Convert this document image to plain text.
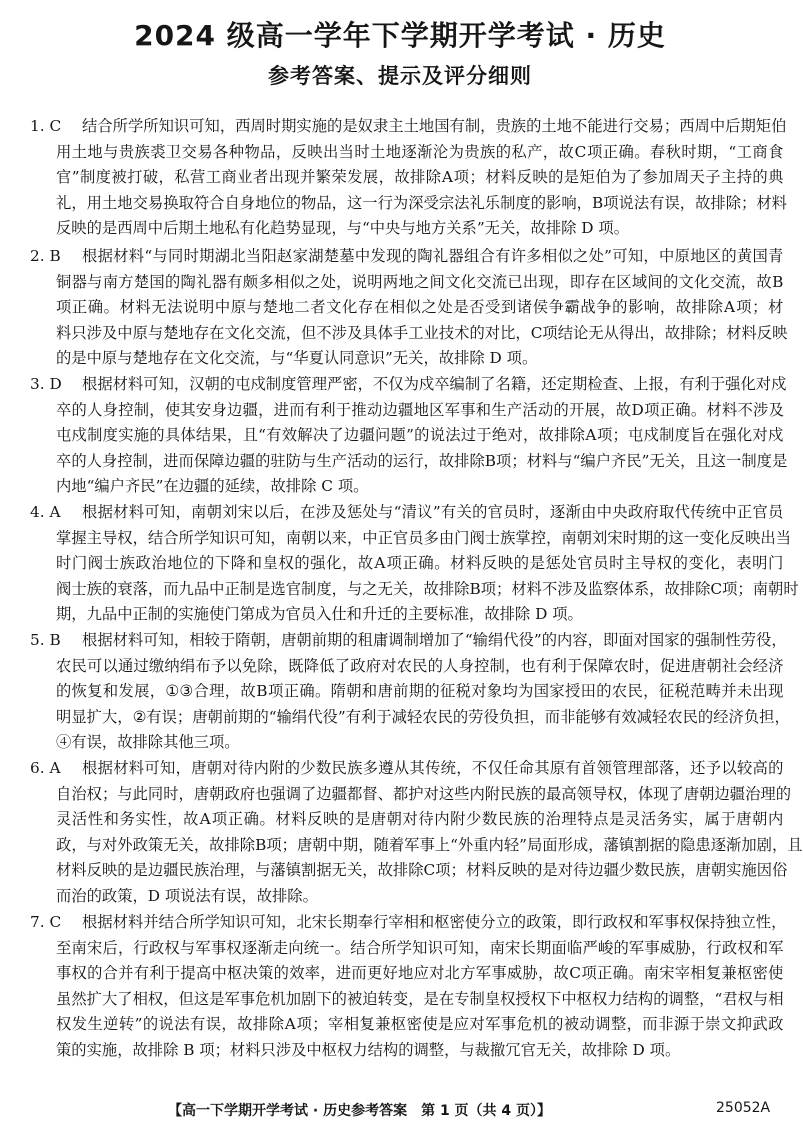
2024 级高一学年下学期开学考试 · 历史
参考答案、提示及评分细则
1. C	结 合 所 学 所 知 识 可 知 ， 西 周 时 期 实 施 的 是 奴 隶 主 土 地 国 有 制 ， 贵 族 的 土 地 不 能 进 行 交 易 ； 西 周 中 后 期 矩 伯
用 土 地 与 贵 族 裘 卫 交 易 各 种 物 品 ， 反 映 出 当 时 土 地 逐 渐 沦 为 贵 族 的 私 产 ， 故 C 项 正 确 。 春 秋 时 期 ， “ 工 商 食
官 ” 制 度 被 打 破 ， 私 营 工 商 业 者 出 现 并 繁 荣 发 展 ， 故 排 除 A 项 ； 材 料 反 映 的 是 矩 伯 为 了 参 加 周 天 子 主 持 的 典
礼 ， 用 土 地 交 易 换 取 符 合 自 身 地 位 的 物 品 ， 这 一 行 为 深 受 宗 法 礼 乐 制 度 的 影 响 ， B 项 说 法 有 误 ， 故 排 除 ； 材 料
反映的是西周中后期土地私有化趋势显现，与“中央与地方关系”无关，故排除 D 项。
2. B	根 据 材 料 “ 与 同 时 期 湖 北 当 阳 赵 家 湖 楚 墓 中 发 现 的 陶 礼 器 组 合 有 许 多 相 似 之 处 ” 可 知 ， 中 原 地 区 的 黄 国 青
铜 器 与 南 方 楚 国 的 陶 礼 器 有 颇 多 相 似 之 处 ， 说 明 两 地 之 间 文 化 交 流 已 出 现 ， 即 存 在 区 域 间 的 文 化 交 流 ， 故 B
项 正 确 。 材 料 无 法 说 明 中 原 与 楚 地 二 者 文 化 存 在 相 似 之 处 是 否 受 到 诸 侯 争 霸 战 争 的 影 响 ， 故 排 除 A 项 ； 材
料 只 涉 及 中 原 与 楚 地 存 在 文 化 交 流 ， 但 不 涉 及 具 体 手 工 业 技 术 的 对 比 ， C 项 结 论 无 从 得 出 ， 故 排 除 ； 材 料 反 映
的是中原与楚地存在文化交流，与“华夏认同意识”无关，故排除 D 项。
3. D	根 据 材 料 可 知 ， 汉 朝 的 屯 戍 制 度 管 理 严 密 ， 不 仅 为 戍 卒 编 制 了 名 籍 ， 还 定 期 检 查 、 上 报 ， 有 利 于 强 化 对 戍
卒 的 人 身 控 制 ， 使 其 安 身 边 疆 ， 进 而 有 利 于 推 动 边 疆 地 区 军 事 和 生 产 活 动 的 开 展 ， 故 D 项 正 确 。 材 料 不 涉 及
屯 戍 制 度 实 施 的 具 体 结 果 ， 且 “ 有 效 解 决 了 边 疆 问 题 ” 的 说 法 过 于 绝 对 ， 故 排 除 A 项 ； 屯 戍 制 度 旨 在 强 化 对 戍
卒 的 人 身 控 制 ， 进 而 保 障 边 疆 的 驻 防 与 生 产 活 动 的 运 行 ， 故 排 除 B 项 ； 材 料 与 “ 编 户 齐 民 ” 无 关 ， 且 这 一 制 度 是
内地“编户齐民”在边疆的延续，故排除 C 项。
4. A	根 据 材 料 可 知 ， 南 朝 刘 宋 以 后 ， 在 涉 及 惩 处 与 “ 清 议 ” 有 关 的 官 员 时 ， 逐 渐 由 中 央 政 府 取 代 传 统 中 正 官 员
掌 握 主 导 权 ， 结 合 所 学 知 识 可 知 ， 南 朝 以 来 ， 中 正 官 员 多 由 门 阀 士 族 掌 控 ， 南 朝 刘 宋 时 期 的 这 一 变 化 反 映 出 当
时 门 阀 士 族 政 治 地 位 的 下 降 和 皇 权 的 强 化 ， 故 A 项 正 确 。 材 料 反 映 的 是 惩 处 官 员 时 主 导 权 的 变 化 ， 表 明 门
阀 士 族 的 衰 落 ， 而 九 品 中 正 制 是 选 官 制 度 ， 与 之 无 关 ， 故 排 除 B 项 ； 材 料 不 涉 及 监 察 体 系 ， 故 排 除 C 项 ； 南 朝 时
期，九品中正制的实施使门第成为官员入仕和升迁的主要标准，故排除 D 项。
5. B	根 据 材 料 可 知 ， 相 较 于 隋 朝 ， 唐 朝 前 期 的 租 庸 调 制 增 加 了 “ 输 绢 代 役 ” 的 内 容 ， 即 面 对 国 家 的 强 制 性 劳 役 ，
农 民 可 以 通 过 缴 纳 绢 布 予 以 免 除 ， 既 降 低 了 政 府 对 农 民 的 人 身 控 制 ， 也 有 利 于 保 障 农 时 ， 促 进 唐 朝 社 会 经 济
的 恢 复 和 发 展 ， ① ③ 合 理 ， 故 B 项 正 确 。 隋 朝 和 唐 前 期 的 征 税 对 象 均 为 国 家 授 田 的 农 民 ， 征 税 范 畴 并 未 出 现
明 显 扩 大 ， ② 有 误 ； 唐 朝 前 期 的 “ 输 绢 代 役 ” 有 利 于 减 轻 农 民 的 劳 役 负 担 ， 而 非 能 够 有 效 减 轻 农 民 的 经 济 负 担 ，
④有误，故排除其他三项。
6. A	根 据 材 料 可 知 ， 唐 朝 对 待 内 附 的 少 数 民 族 多 遵 从 其 传 统 ， 不 仅 任 命 其 原 有 首 领 管 理 部 落 ， 还 予 以 较 高 的
自 治 权 ； 与 此 同 时 ， 唐 朝 政 府 也 强 调 了 边 疆 都 督 、 都 护 对 这 些 内 附 民 族 的 最 高 领 导 权 ， 体 现 了 唐 朝 边 疆 治 理 的
灵 活 性 和 务 实 性 ， 故 A 项 正 确 。 材 料 反 映 的 是 唐 朝 对 待 内 附 少 数 民 族 的 治 理 特 点 是 灵 活 务 实 ， 属 于 唐 朝 内
政 ， 与 对 外 政 策 无 关 ， 故 排 除 B 项 ； 唐 朝 中 期 ， 随 着 军 事 上 “ 外 重 内 轻 ” 局 面 形 成 ， 藩 镇 割 据 的 隐 患 逐 渐 加 剧 ， 且
材 料 反 映 的 是 边 疆 民 族 治 理 ， 与 藩 镇 割 据 无 关 ， 故 排 除 C 项 ； 材 料 反 映 的 是 对 待 边 疆 少 数 民 族 ， 唐 朝 实 施 因 俗
而治的政策，D 项说法有误，故排除。
7. C	根 据 材 料 并 结 合 所 学 知 识 可 知 ， 北 宋 长 期 奉 行 宰 相 和 枢 密 使 分 立 的 政 策 ， 即 行 政 权 和 军 事 权 保 持 独 立 性 ，
至 南 宋 后 ， 行 政 权 与 军 事 权 逐 渐 走 向 统 一 。 结 合 所 学 知 识 可 知 ， 南 宋 长 期 面 临 严 峻 的 军 事 威 胁 ， 行 政 权 和 军
事 权 的 合 并 有 利 于 提 高 中 枢 决 策 的 效 率 ， 进 而 更 好 地 应 对 北 方 军 事 威 胁 ， 故 C 项 正 确 。 南 宋 宰 相 复 兼 枢 密 使
虽 然 扩 大 了 相 权 ， 但 这 是 军 事 危 机 加 剧 下 的 被 迫 转 变 ， 是 在 专 制 皇 权 授 权 下 中 枢 权 力 结 构 的 调 整 ， “ 君 权 与 相
权 发 生 逆 转 ” 的 说 法 有 误 ， 故 排 除 A 项 ； 宰 相 复 兼 枢 密 使 是 应 对 军 事 危 机 的 被 动 调 整 ， 而 非 源 于 崇 文 抑 武 政
策的实施，故排除 B 项；材料只涉及中枢权力结构的调整，与裁撤冗官无关，故排除 D 项。
【高一下学期开学考试 · 历史参考答案　第 1 页（共 4 页）】	25052A
